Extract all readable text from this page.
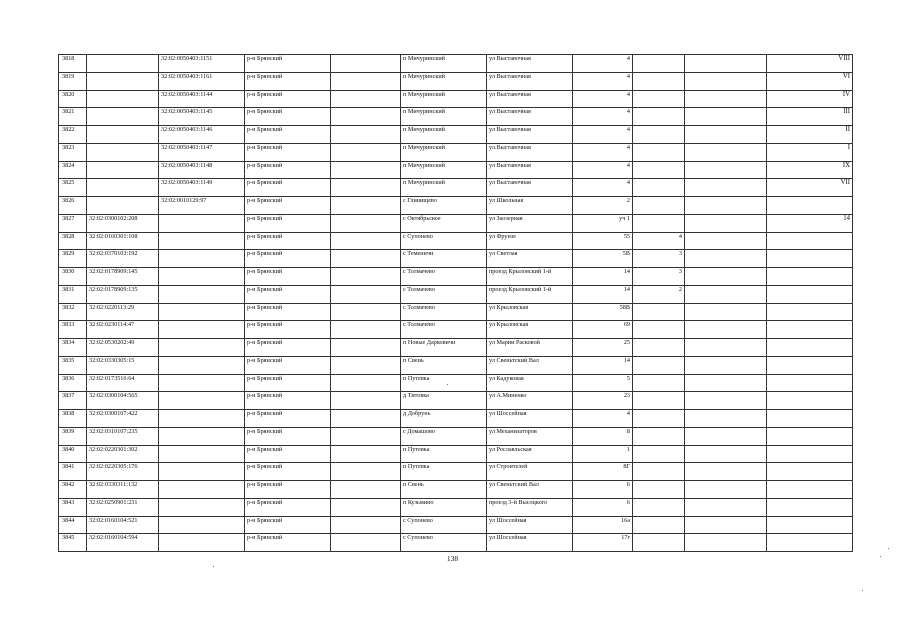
3818		32:02:0050403:1151	р-н Брянский		п Мичуринский	ул Выставочная	4			VIII
3819		32:02:0050403:1161	р-н Брянский		п Мичуринский	ул Выставочная	4			VI
3820		32:02:0050403:1144	р-н Брянский		п Мичуринский	ул Выставочная	4			IV
3821		32:02:0050403:1145	р-н Брянский		п Мичуринский	ул Выставочная	4			III
3822		32:02:0050403:1146	р-н Брянский		п Мичуринский	ул Выставочная	4			II
3823		32:02:0050403:1147	р-н Брянский		п Мичуринский	ул.Выставочная	4			I
3824		32:02:0050403:1148	р-н Брянский		п Мичуринский	ул Выставочная	4			IX
3825		32:02:0050403:1149	р-н Брянский		п Мичуринский	ул Выставочная	4			VII
3826		32:02:0010129:97	р-н Брянский		с Глинищево	ул Школьная	2			
3827	32:02:0300102:208		р-н Брянский		с Октябрьское	ул Заозерная	уч 1			14
3828	32:02:0160301:108		р-н Брянский		с Супонево	ул Фрунзе	55	4		
3829	32:02:0370103:192		р-н Брянский		с Теменичи	ул Светлая	5В	3		
3830	32:02:0178909:145		р-н Брянский		с Толмачево	проезд Крыловский 1-й	14	3		
3831	32:02:0178909:135		р-н Брянский		с Толмачево	проезд Крыловский 1-й	14	2		
3832	32:02:0220113:29		р-н Брянский		с Толмачево	ул Крыловская	58В			
3833	32:02:0230114:47		р-н Брянский		с Толмачево	ул Крыловская	69			
3834	32:02:0530202:49		р-н Брянский		п Новые Дарковичи	ул Марии Расковой	25			
3835	32:02:0330305:15		р-н Брянский		п Свень	ул Свеньтский Вал	14			
3836	32:02:0173516:64		р-н Брянский		п Путевка	ул Кадуковая	5			
3837	32:02:0300104:565		р-н Брянский		д Титовка	ул А.Миненко	23			
3838	32:02:0300107:422		р-н Брянский		д Добрунь	ул Шоссейная	4			
3839	32:02:0310107:235		р-н Брянский		с Домашово	ул Механизаторов	8			
3840	32:02:0220301:302		р-н Брянский		п Путевка	ул Рославльская	1			
3841	32:02:0220305:176		р-н Брянский		п Путевка	ул Строителей	8Г			
3842	32:02:0330311:132		р-н Брянский		п Свень	ул Свеньтский Вал	6			
3843	32:02:0250901:231		р-н Брянский		п Кузьмино	проезд 3-й Высоцкого	6			
3844	32:02:0160104:521		р-н Брянский		с Супонево	ул Шоссейная	16а			
3845	32:02:0160104:594		р-н Брянский		с Супонево	ул Шоссейная	17г			
138
